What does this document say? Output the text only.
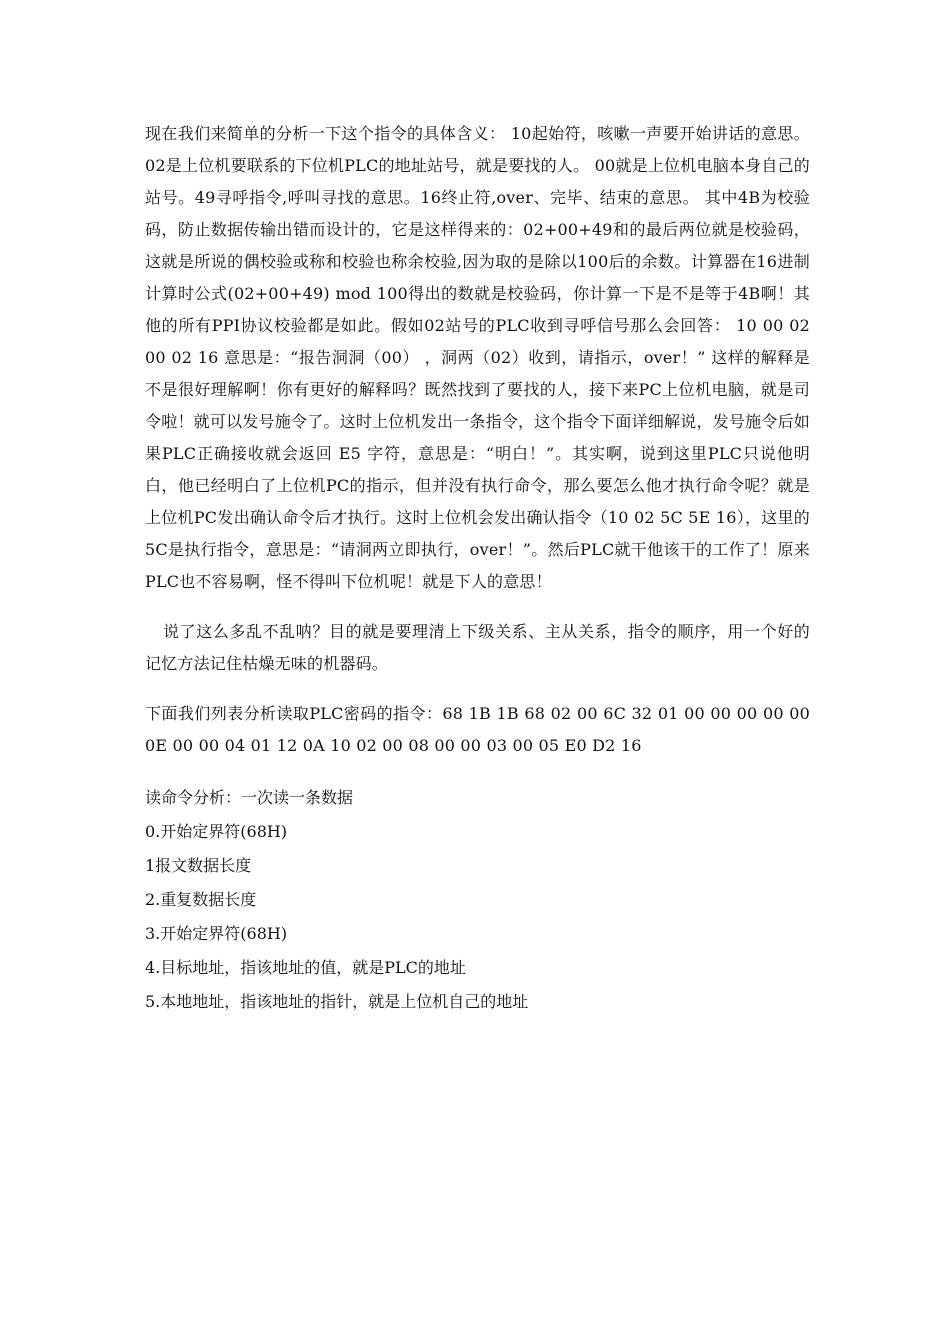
现在我们来简单的分析一下这个指令的具体含义： 10起始符，咳嗽一声要开始讲话的意思。02是上位机要联系的下位机PLC的地址站号，就是要找的人。 00就是上位机电脑本身自己的站号。49寻呼指令,呼叫寻找的意思。16终止符,over、完毕、结束的意思。 其中4B为校验码，防止数据传输出错而设计的，它是这样得来的：02+00+49和的最后两位就是校验码，这就是所说的偶校验或称和校验也称余校验,因为取的是除以100后的余数。计算器在16进制计算时公式(02+00+49) mod 100得出的数就是校验码，你计算一下是不是等于4B啊！其他的所有PPI协议校验都是如此。假如02站号的PLC收到寻呼信号那么会回答： 10 00 02 00 02 16 意思是：“报告洞洞（00） ，洞两（02）收到，请指示，over！” 这样的解释是不是很好理解啊！你有更好的解释吗？既然找到了要找的人，接下来PC上位机电脑，就是司令啦！就可以发号施令了。这时上位机发出一条指令，这个指令下面详细解说，发号施令后如果PLC正确接收就会返回 E5 字符，意思是：“明白！”。其实啊，说到这里PLC只说他明白，他已经明白了上位机PC的指示，但并没有执行命令，那么要怎么他才执行命令呢？就是上位机PC发出确认命令后才执行。这时上位机会发出确认指令（10 02 5C 5E 16），这里的5C是执行指令，意思是：“请洞两立即执行，over！”。然后PLC就干他该干的工作了！原来PLC也不容易啊，怪不得叫下位机呢！就是下人的意思！

说了这么多乱不乱呐？目的就是要理清上下级关系、主从关系，指令的顺序，用一个好的记忆方法记住枯燥无味的机器码。

下面我们列表分析读取PLC密码的指令：68 1B 1B 68 02 00 6C 32 01 00 00 00 00 00 0E 00 00 04 01 12 0A 10 02 00 08 00 00 03 00 05 E0 D2 16

读命令分析：一次读一条数据

0.开始定界符(68H)

1报文数据长度

2.重复数据长度

3.开始定界符(68H)

4.目标地址，指该地址的值，就是PLC的地址

5.本地地址，指该地址的指针，就是上位机自己的地址
